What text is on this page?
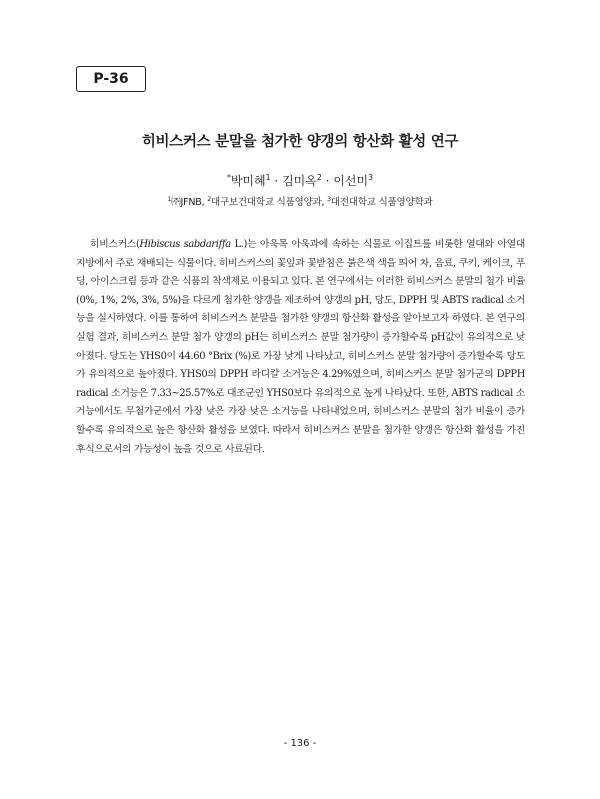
P-36
히비스커스 분말을 첨가한 양갱의 항산화 활성 연구
*박미혜$^1$ · 김미옥$^2$ · 이선미$^3$
$^1$㈜JFNB, $^2$대구보건대학교 식품영양과, $^3$대전대학교 식품영양학과

히비스커스(Hibiscus sabdariffa L.)는 아욱목 아욱과에 속하는 식물로 이집트를 비롯한 열대와 아열대 지방에서 주로 재배되는 식물이다. 히비스커스의 꽃잎과 꽃받침은 붉은색 색을 띄어 차, 음료, 쿠키, 케이크, 푸딩, 아이스크림 등과 같은 식품의 착색제로 이용되고 있다. 본 연구에서는 이러한 히비스커스 분말의 첨가 비율(0%, 1%, 2%, 3%, 5%)을 다르게 첨가한 양갱을 제조하여 양갱의 pH, 당도, DPPH 및 ABTS radical 소거능을 실시하였다. 이를 통하여 히비스커스 분말을 첨가한 양갱의 항산화 활성을 알아보고자 하였다. 본 연구의 실험 결과, 히비스커스 분말 첨가 양갱의 pH는 히비스커스 분말 첨가량이 증가할수록 pH값이 유의적으로 낮아졌다. 당도는 YHS0이 44.60 °Brix (%)로 가장 낮게 나타났고, 히비스커스 분말 첨가량이 증가할수록 당도가 유의적으로 높아졌다. YHS0의 DPPH 라디칼 소거능은 4.29%였으며, 히비스커스 분말 첨가군의 DPPH radical 소거능은 7.33~25.57%로 대조군인 YHS0보다 유의적으로 높게 나타났다. 또한, ABTS radical 소거능에서도 무첨가군에서 가장 낮은 가장 낮은 소거능을 나타내었으며, 히비스커스 분말의 첨가 비율이 증가할수록 유의적으로 높은 항산화 활성을 보였다. 따라서 히비스커스 분말을 첨가한 양갱은 항산화 활성을 가진 후식으로서의 가능성이 높을 것으로 사료된다.

- 136 -
